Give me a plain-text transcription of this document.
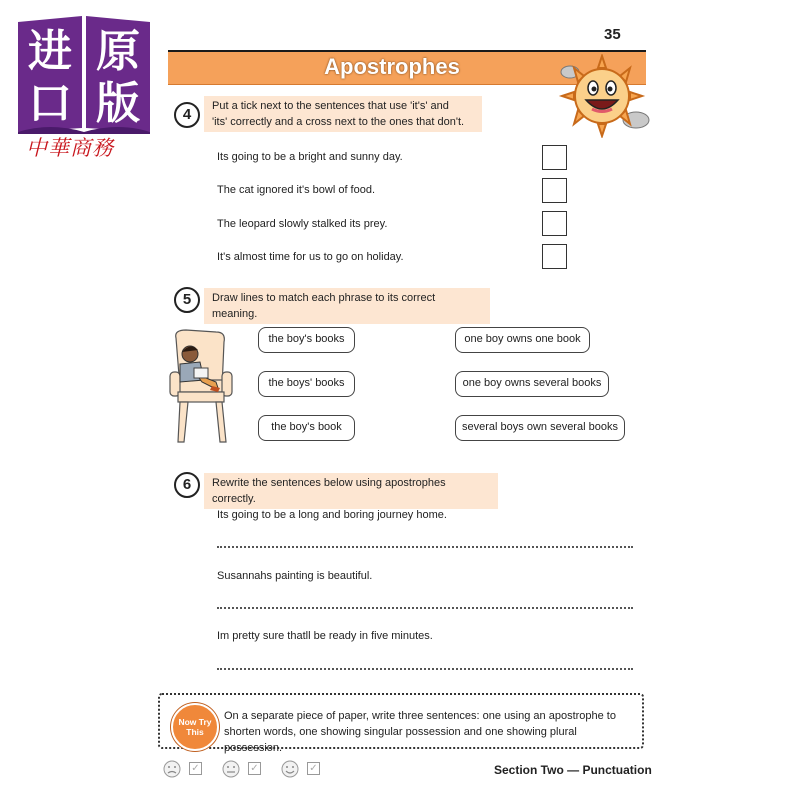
进 原
口 版
中華商務
35
Apostrophes
4	Put a tick next to the sentences that use 'it's' and
'its' correctly and a cross next to the ones that don't.
Its going to be a bright and sunny day.
The cat ignored it's bowl of food.
The leopard slowly stalked its prey.
It's almost time for us to go on holiday.
5	Draw lines to match each phrase to its correct meaning.
the boy's books
the boys' books
the boy's book
one boy owns one book
one boy owns several books
several boys own several books
6	Rewrite the sentences below using apostrophes correctly.
Its going to be a long and boring journey home.
Susannahs painting is beautiful.
Im pretty sure thatll be ready in five minutes.
Now Try
This
On a separate piece of paper, write three sentences: one using an apostrophe to shorten words, one showing singular possession and one showing plural possession.
✓	✓	✓	Section Two — Punctuation
